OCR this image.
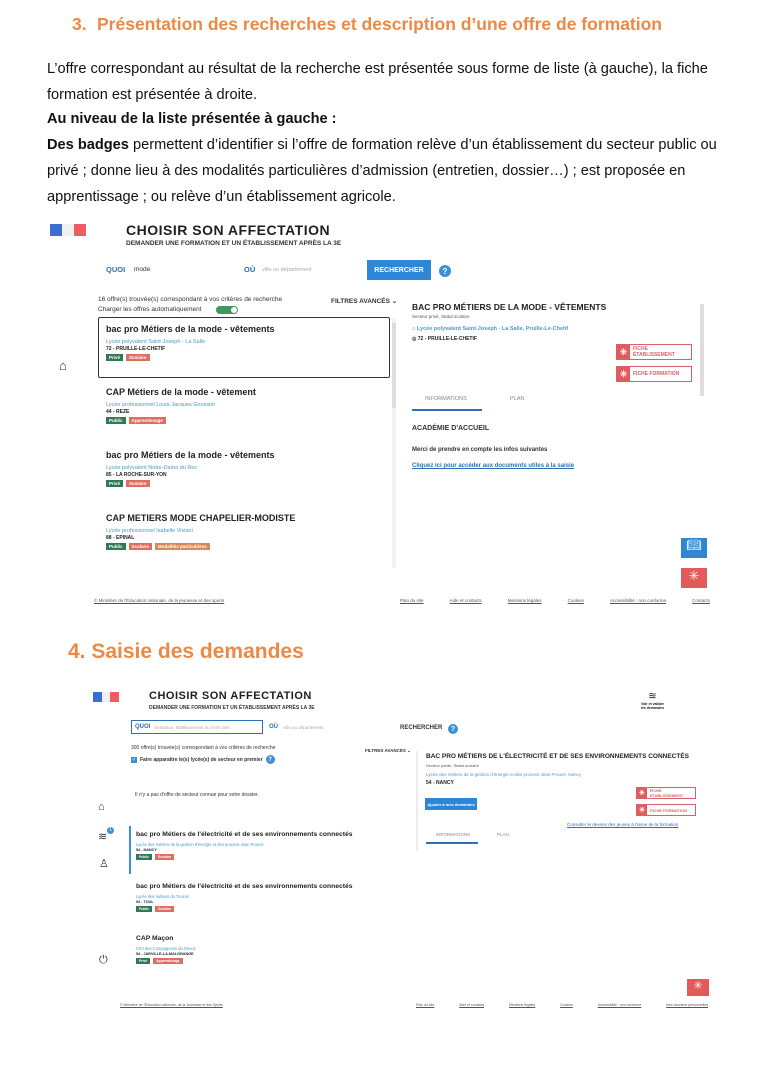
3. Présentation des recherches et description d’une offre de formation
L’offre correspondant au résultat de la recherche est présentée sous forme de liste (à gauche), la fiche formation est présentée à droite.
Au niveau de la liste présentée à gauche :
Des badges permettent d’identifier si l’offre de formation relève d’un établissement du secteur public ou privé ; donne lieu à des modalités particulières d’admission (entretien, dossier…) ; est proposée en apprentissage ; ou relève d’un établissement agricole.
CHOISIR SON AFFECTATION
DEMANDER UNE FORMATION ET UN ÉTABLISSEMENT APRÈS LA 3E
QUOI mode	OÙ ville ou département	RECHERCHER	?
16 offre(s) trouvée(s) correspondant à vos critères de recherche
Charger les offres automatiquement
FILTRES AVANCÉS ⌄
⌂
bac pro Métiers de la mode - vêtements
Lycée polyvalent Saint-Joseph - La Salle
72 - PRUILLE-LE-CHETIF
Privé	Scolaire
CAP Métiers de la mode - vêtement
Lycée professionnel Louis-Jacques Goussier
44 - REZE
Public	Apprentissage
bac pro Métiers de la mode - vêtements
Lycée polyvalent Notre-Dame du Roc
85 - LA ROCHE-SUR-YON
Privé	Scolaire
CAP METIERS MODE CHAPELIER-MODISTE
Lycée professionnel Isabelle Viviani
88 - EPINAL
Public	Scolaire	Modalités particulières
BAC PRO MÉTIERS DE LA MODE - VÊTEMENTS
Secteur privé, Statut scolaire
⌂ Lycée polyvalent Saint-Joseph - La Salle, Pruille-Le-Chetif
◎ 72 - PRUILLE-LE-CHETIF
✳	FICHE ÉTABLISSEMENT
✳	FICHE FORMATION
INFORMATIONS	PLAN
ACADÉMIE D'ACCUEIL
Merci de prendre en compte les infos suivantes
Cliquez ici pour accéder aux documents utiles à la saisie
📖︎
✳
© Ministère de l'Éducation nationale, de la jeunesse et des sports	Plan du site	Aide et contacts	Mentions légales	Cookies	Accessibilité : non conforme	Contacts
4. Saisie des demandes
CHOISIR SON AFFECTATION
DEMANDER UNE FORMATION ET UN ÉTABLISSEMENT APRÈS LA 3E
QUOI formation, établissement ou mots clés	OÙ ville ou département	RECHERCHER	?
≋
Voir et valider les demandes
300 offre(s) trouvée(s) correspondant à vos critères de recherche
✓ Faire apparaître le(s) lycée(s) de secteur en premier ?
FILTRES AVANCÉS ⌄
Il n'y a pas d'offre de secteur connue pour votre dossier.
⌂
≋
1
♙
⏻
bac pro Métiers de l'électricité et de ses environnements connectés
Lycée des métiers de la gestion d'énergie et des process Jean Prouvé
54 - NANCY
Public	Scolaire
bac pro Métiers de l'électricité et de ses environnements connectés
Lycée des métiers du Toulois
54 - TOUL
Public	Scolaire
CAP Maçon
CFA des Compagnons du Devoir
54 - JARVILLE-LA-MALGRANGE
Privé	Apprentissage
BAC PRO MÉTIERS DE L'ÉLECTRICITÉ ET DE SES ENVIRONNEMENTS CONNECTÉS
Secteur public, Statut scolaire
Lycée des métiers de la gestion d'énergie et des process Jean Prouvé, Nancy
54 - NANCY
Ajouter à mes demandes
✳	FICHE ÉTABLISSEMENT
✳	FICHE FORMATION
Consulter le devenir des jeunes à l'issue de la formation
INFORMATIONS	PLAN
✳
© Ministère de l'Éducation nationale, de la Jeunesse et des Sports	Plan du site	Aide et contacts	Mentions légales	Cookies	Accessibilité : non conforme	Mes données personnelles
